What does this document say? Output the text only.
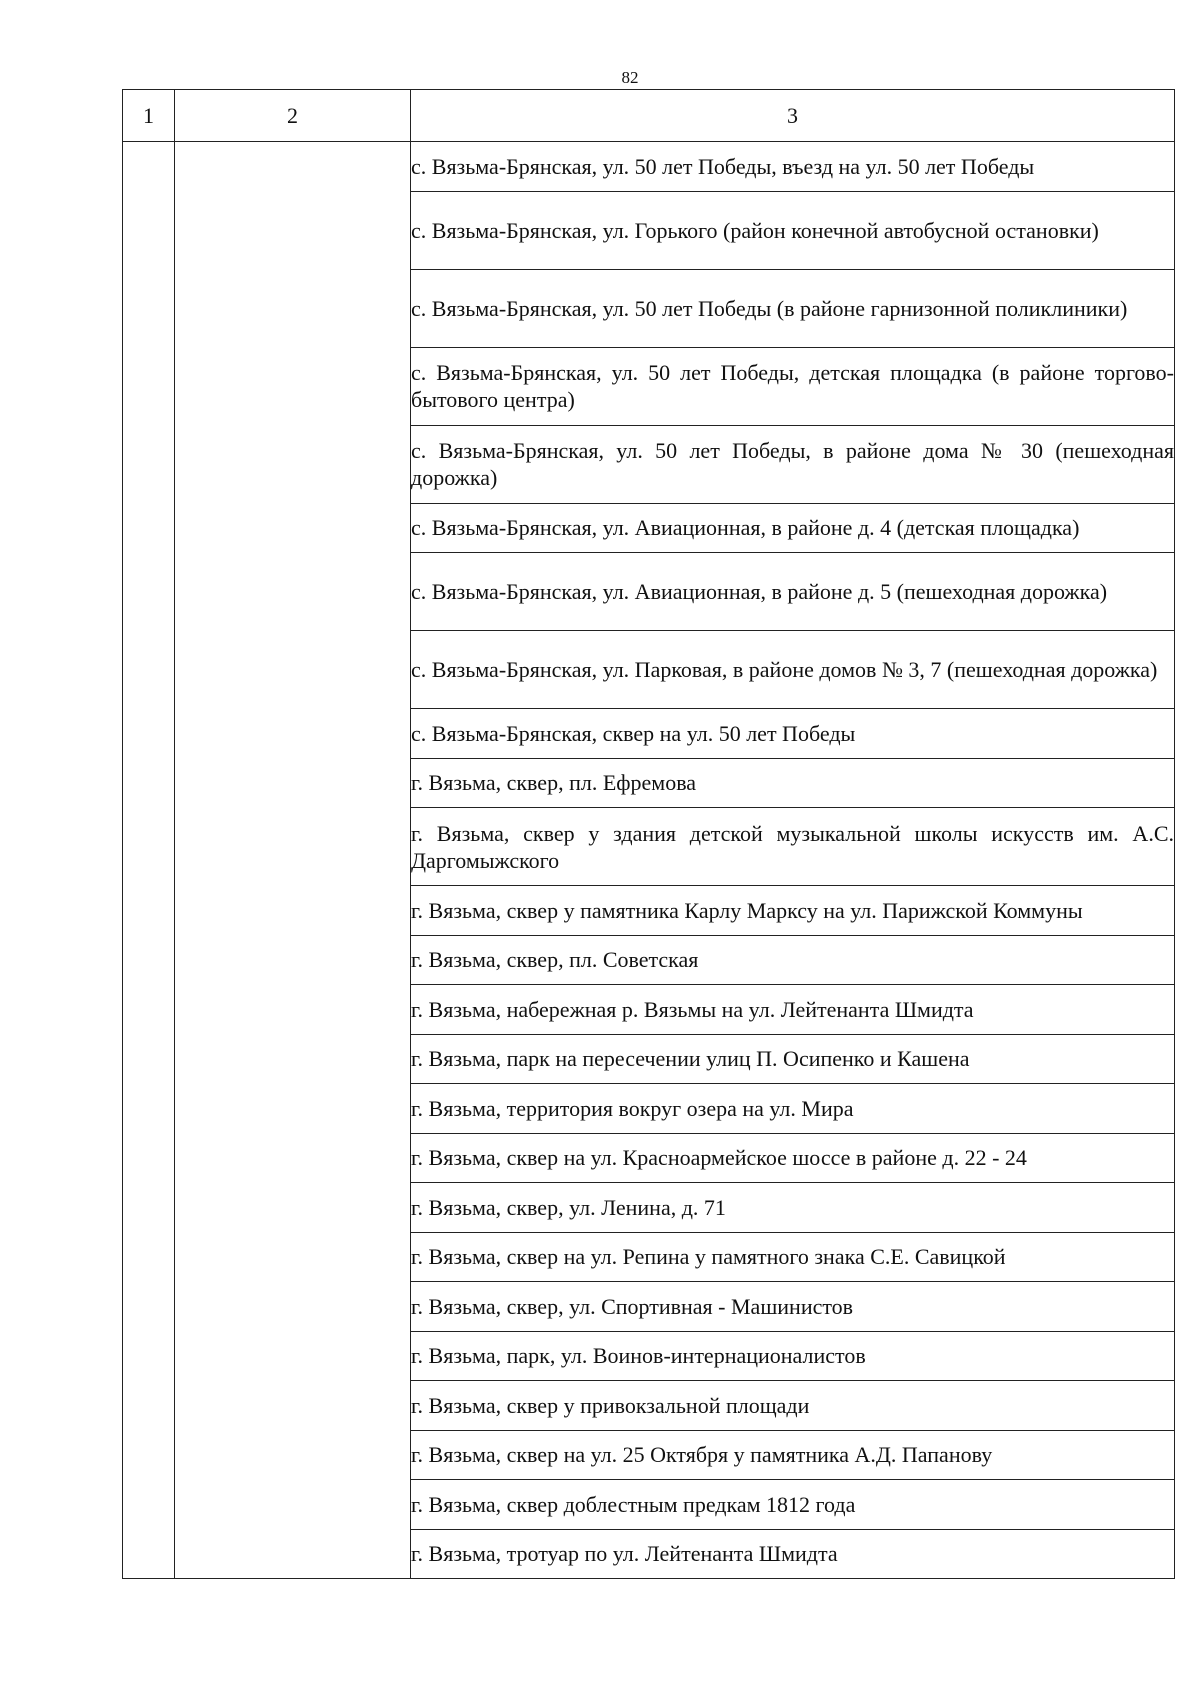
82
1	2	3
		с. Вязьма-Брянская, ул. 50 лет Победы, въезд на ул. 50 лет Победы
		с. Вязьма-Брянская, ул. Горького (район конечной автобусной остановки)
		с. Вязьма-Брянская, ул. 50 лет Победы (в районе гарнизонной поликлиники)
		с. Вязьма-Брянская, ул. 50 лет Победы, детская площадка (в районе торгово-бытового центра)
		с. Вязьма-Брянская, ул. 50 лет Победы, в районе дома № 30 (пешеходная дорожка)
		с. Вязьма-Брянская, ул. Авиационная, в районе д. 4 (детская площадка)
		с. Вязьма-Брянская, ул. Авиационная, в районе д. 5 (пешеходная дорожка)
		с. Вязьма-Брянская, ул. Парковая, в районе домов № 3, 7 (пешеходная дорожка)
		с. Вязьма-Брянская, сквер на ул. 50 лет Победы
		г. Вязьма, сквер, пл. Ефремова
		г. Вязьма, сквер у здания детской музыкальной школы искусств им. А.С. Даргомыжского
		г. Вязьма, сквер у памятника Карлу Марксу на ул. Парижской Коммуны
		г. Вязьма, сквер, пл. Советская
		г. Вязьма, набережная р. Вязьмы на ул. Лейтенанта Шмидта
		г. Вязьма, парк на пересечении улиц П. Осипенко и Кашена
		г. Вязьма, территория вокруг озера на ул. Мира
		г. Вязьма, сквер на ул. Красноармейское шоссе в районе д. 22 - 24
		г. Вязьма, сквер, ул. Ленина, д. 71
		г. Вязьма, сквер на ул. Репина у памятного знака С.Е. Савицкой
		г. Вязьма, сквер, ул. Спортивная - Машинистов
		г. Вязьма, парк, ул. Воинов-интернационалистов
		г. Вязьма, сквер у привокзальной площади
		г. Вязьма, сквер на ул. 25 Октября у памятника А.Д. Папанову
		г. Вязьма, сквер доблестным предкам 1812 года
		г. Вязьма, тротуар по ул. Лейтенанта Шмидта
